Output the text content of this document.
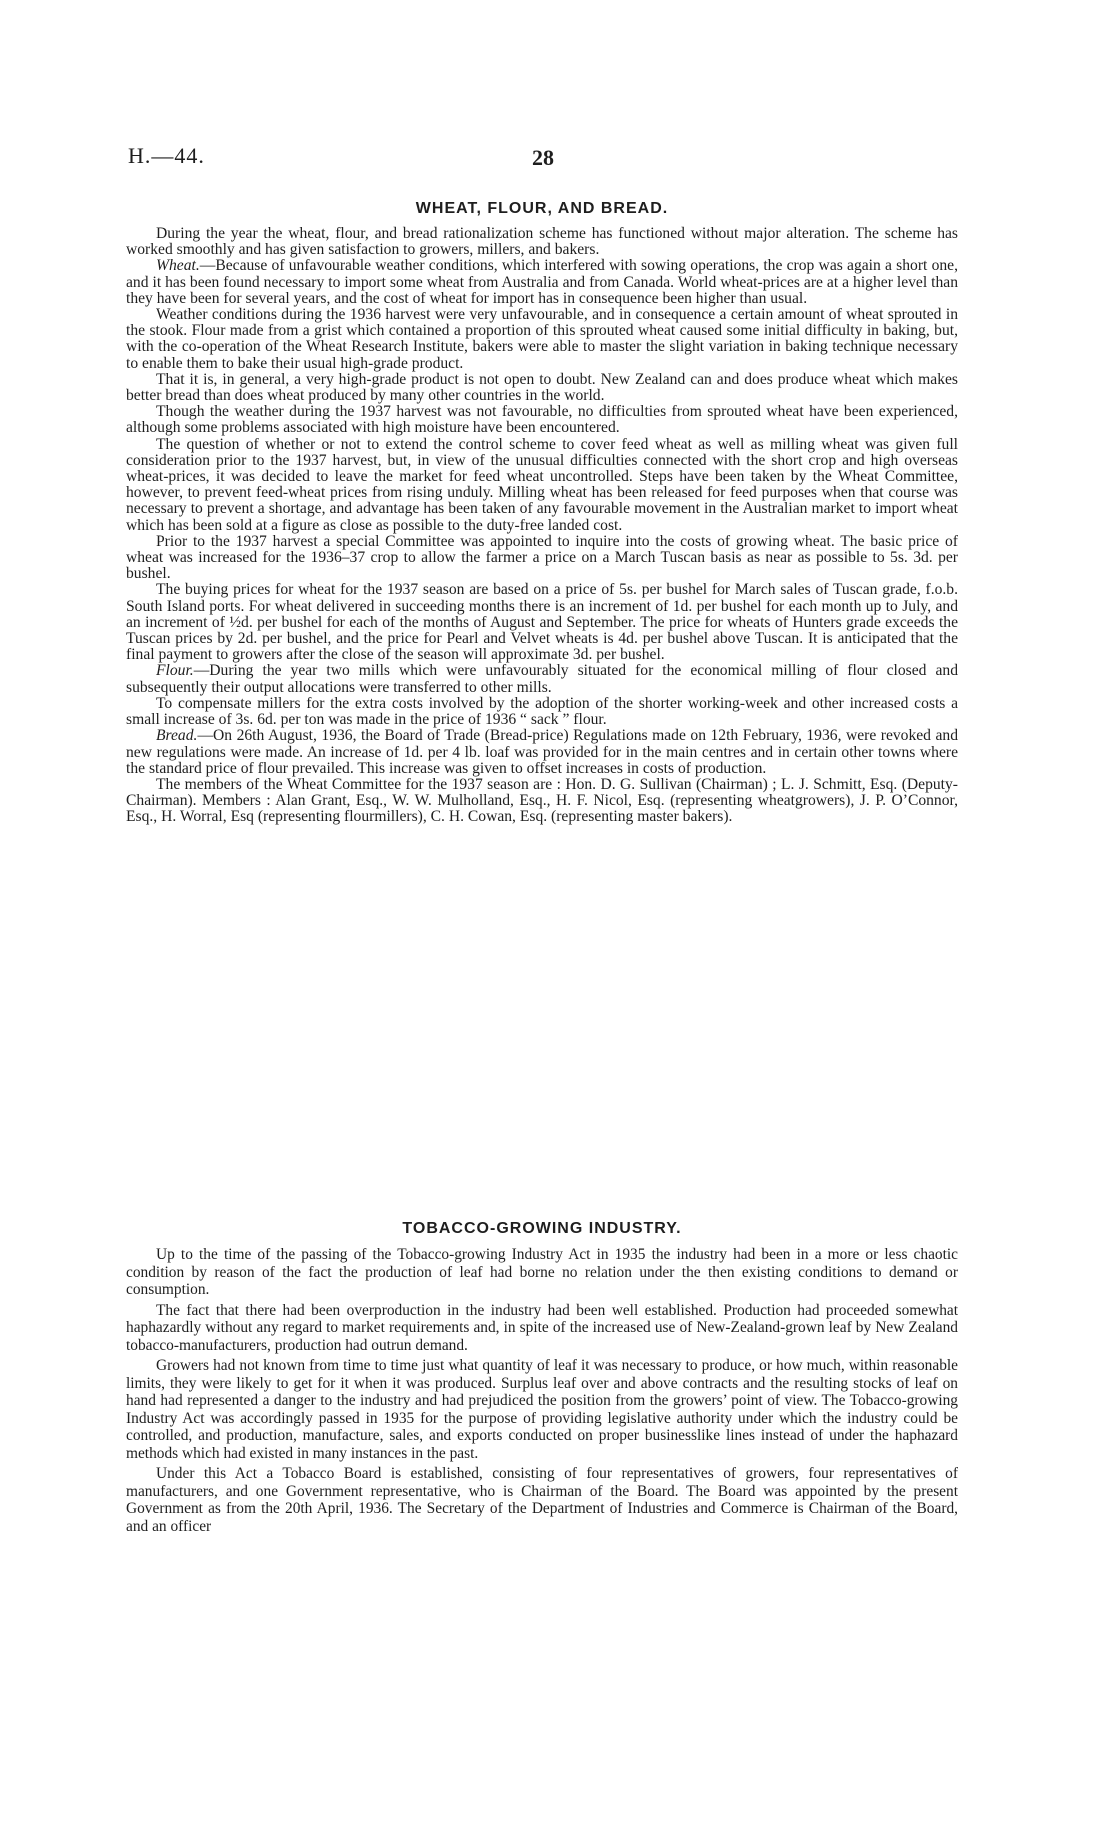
H.—44.	28
WHEAT, FLOUR, AND BREAD.

During the year the wheat, flour, and bread rationalization scheme has functioned without major alteration. The scheme has worked smoothly and has given satisfaction to growers, millers, and bakers.

Wheat.—Because of unfavourable weather conditions, which interfered with sowing operations, the crop was again a short one, and it has been found necessary to import some wheat from Australia and from Canada. World wheat-prices are at a higher level than they have been for several years, and the cost of wheat for import has in consequence been higher than usual.

Weather conditions during the 1936 harvest were very unfavourable, and in consequence a certain amount of wheat sprouted in the stook. Flour made from a grist which contained a proportion of this sprouted wheat caused some initial difficulty in baking, but, with the co-operation of the Wheat Research Institute, bakers were able to master the slight variation in baking technique necessary to enable them to bake their usual high-grade product.

That it is, in general, a very high-grade product is not open to doubt. New Zealand can and does produce wheat which makes better bread than does wheat produced by many other countries in the world.

Though the weather during the 1937 harvest was not favourable, no difficulties from sprouted wheat have been experienced, although some problems associated with high moisture have been encountered.

The question of whether or not to extend the control scheme to cover feed wheat as well as milling wheat was given full consideration prior to the 1937 harvest, but, in view of the unusual difficulties connected with the short crop and high overseas wheat-prices, it was decided to leave the market for feed wheat uncontrolled. Steps have been taken by the Wheat Committee, however, to prevent feed-wheat prices from rising unduly. Milling wheat has been released for feed purposes when that course was necessary to prevent a shortage, and advantage has been taken of any favourable movement in the Australian market to import wheat which has been sold at a figure as close as possible to the duty-free landed cost.

Prior to the 1937 harvest a special Committee was appointed to inquire into the costs of growing wheat. The basic price of wheat was increased for the 1936–37 crop to allow the farmer a price on a March Tuscan basis as near as possible to 5s. 3d. per bushel.

The buying prices for wheat for the 1937 season are based on a price of 5s. per bushel for March sales of Tuscan grade, f.o.b. South Island ports. For wheat delivered in succeeding months there is an increment of 1d. per bushel for each month up to July, and an increment of ½d. per bushel for each of the months of August and September. The price for wheats of Hunters grade exceeds the Tuscan prices by 2d. per bushel, and the price for Pearl and Velvet wheats is 4d. per bushel above Tuscan. It is anticipated that the final payment to growers after the close of the season will approximate 3d. per bushel.

Flour.—During the year two mills which were unfavourably situated for the economical milling of flour closed and subsequently their output allocations were transferred to other mills.

To compensate millers for the extra costs involved by the adoption of the shorter working-week and other increased costs a small increase of 3s. 6d. per ton was made in the price of 1936 “ sack ” flour.

Bread.—On 26th August, 1936, the Board of Trade (Bread-price) Regulations made on 12th February, 1936, were revoked and new regulations were made. An increase of 1d. per 4 lb. loaf was provided for in the main centres and in certain other towns where the standard price of flour prevailed. This increase was given to offset increases in costs of production.

The members of the Wheat Committee for the 1937 season are : Hon. D. G. Sullivan (Chairman) ; L. J. Schmitt, Esq. (Deputy-Chairman). Members : Alan Grant, Esq., W. W. Mulholland, Esq., H. F. Nicol, Esq. (representing wheatgrowers), J. P. O’Connor, Esq., H. Worral, Esq (representing flourmillers), C. H. Cowan, Esq. (representing master bakers).

TOBACCO-GROWING INDUSTRY.

Up to the time of the passing of the Tobacco-growing Industry Act in 1935 the industry had been in a more or less chaotic condition by reason of the fact the production of leaf had borne no relation under the then existing conditions to demand or consumption.

The fact that there had been overproduction in the industry had been well established. Production had proceeded somewhat haphazardly without any regard to market requirements and, in spite of the increased use of New-Zealand-grown leaf by New Zealand tobacco-manufacturers, production had outrun demand.

Growers had not known from time to time just what quantity of leaf it was necessary to produce, or how much, within reasonable limits, they were likely to get for it when it was produced. Surplus leaf over and above contracts and the resulting stocks of leaf on hand had represented a danger to the industry and had prejudiced the position from the growers’ point of view. The Tobacco-growing Industry Act was accordingly passed in 1935 for the purpose of providing legislative authority under which the industry could be controlled, and production, manufacture, sales, and exports conducted on proper businesslike lines instead of under the haphazard methods which had existed in many instances in the past.

Under this Act a Tobacco Board is established, consisting of four representatives of growers, four representatives of manufacturers, and one Government representative, who is Chairman of the Board. The Board was appointed by the present Government as from the 20th April, 1936. The Secretary of the Department of Industries and Commerce is Chairman of the Board, and an officer
